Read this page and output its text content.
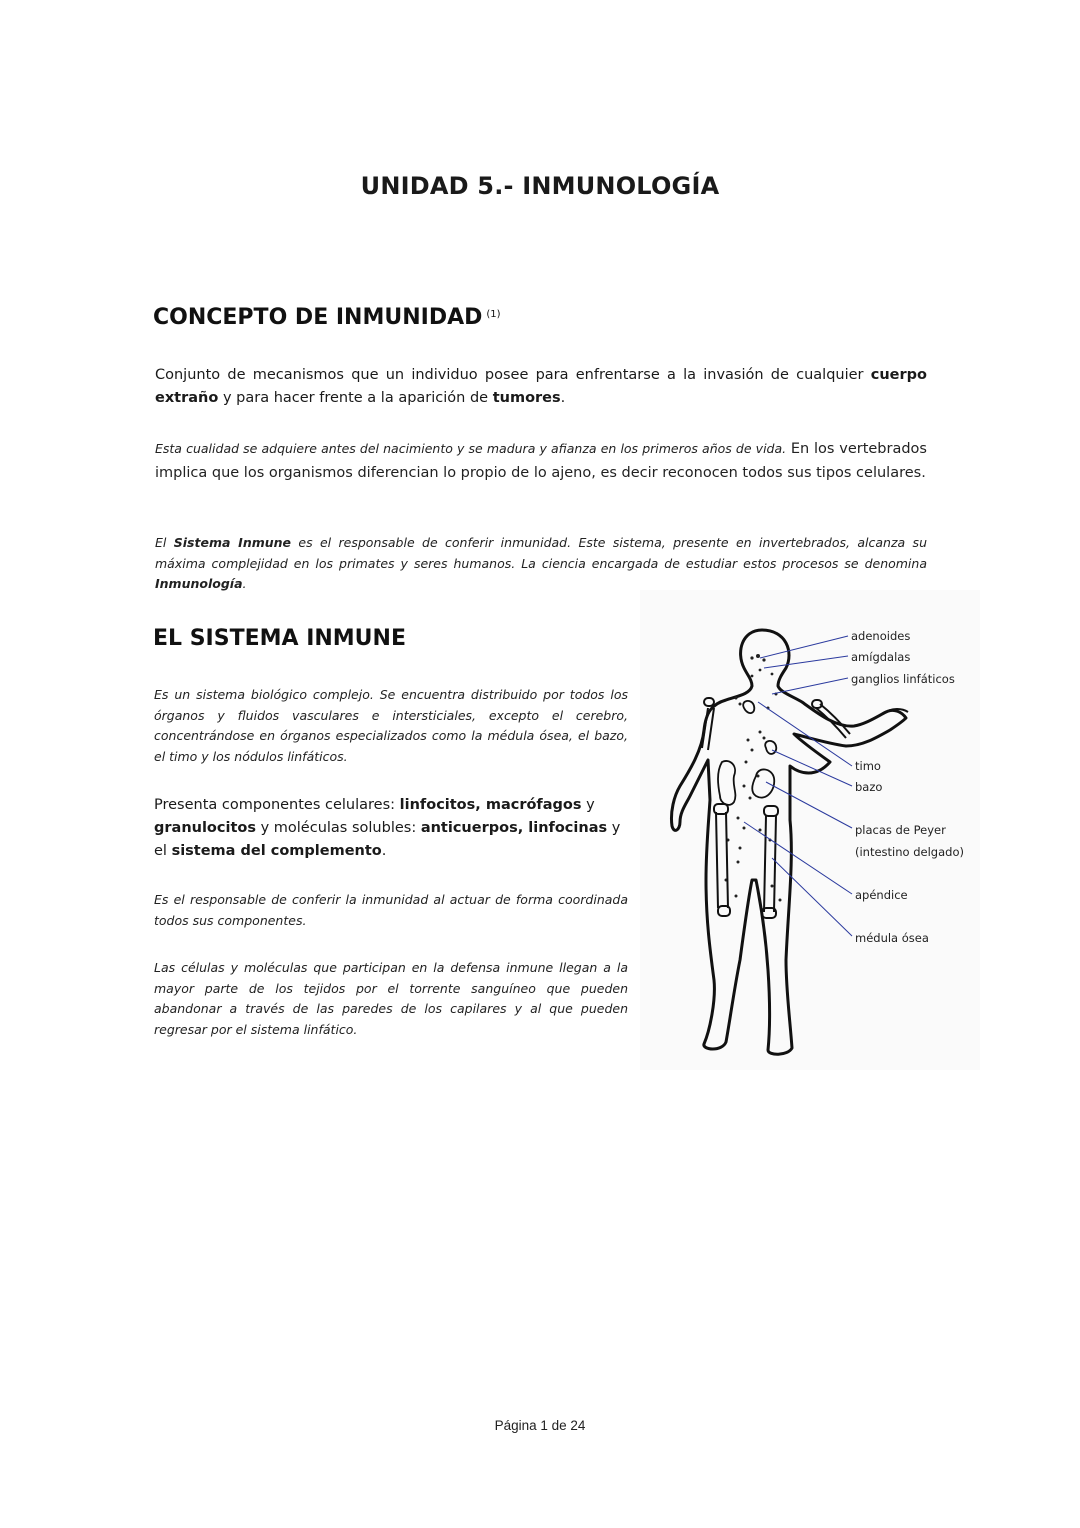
UNIDAD 5.- INMUNOLOGÍA
CONCEPTO DE INMUNIDAD $^{(1)}$
Conjunto de mecanismos que un individuo posee para enfrentarse a la invasión de cualquier cuerpo extraño y para hacer frente a la aparición de tumores.
Esta cualidad se adquiere antes del nacimiento y se madura y afianza en los primeros años de vida. En los vertebrados implica que los organismos diferencian lo propio de lo ajeno, es decir reconocen todos sus tipos celulares.
El Sistema Inmune es el responsable de conferir inmunidad. Este sistema, presente en invertebrados, alcanza su máxima complejidad en los primates y seres humanos. La ciencia encargada de estudiar estos procesos se denomina Inmunología.
EL SISTEMA INMUNE
Es un sistema biológico complejo. Se encuentra distribuido por todos los órganos y fluidos vasculares e intersticiales, excepto el cerebro, concentrándose en órganos especializados como la médula ósea, el bazo, el timo y los nódulos linfáticos.
Presenta componentes celulares: linfocitos, macrófagos y granulocitos y moléculas solubles: anticuerpos, linfocinas y el sistema del complemento.
Es el responsable de conferir la inmunidad al actuar de forma coordinada todos sus componentes.
Las células y moléculas que participan en la defensa inmune llegan a la mayor parte de los tejidos por el torrente sanguíneo que pueden abandonar a través de las paredes de los capilares y al que pueden regresar por el sistema linfático.
adenoides
amígdalas
ganglios linfáticos
timo
bazo
placas de Peyer
(intestino delgado)
apéndice
médula ósea
Página 1 de 24
